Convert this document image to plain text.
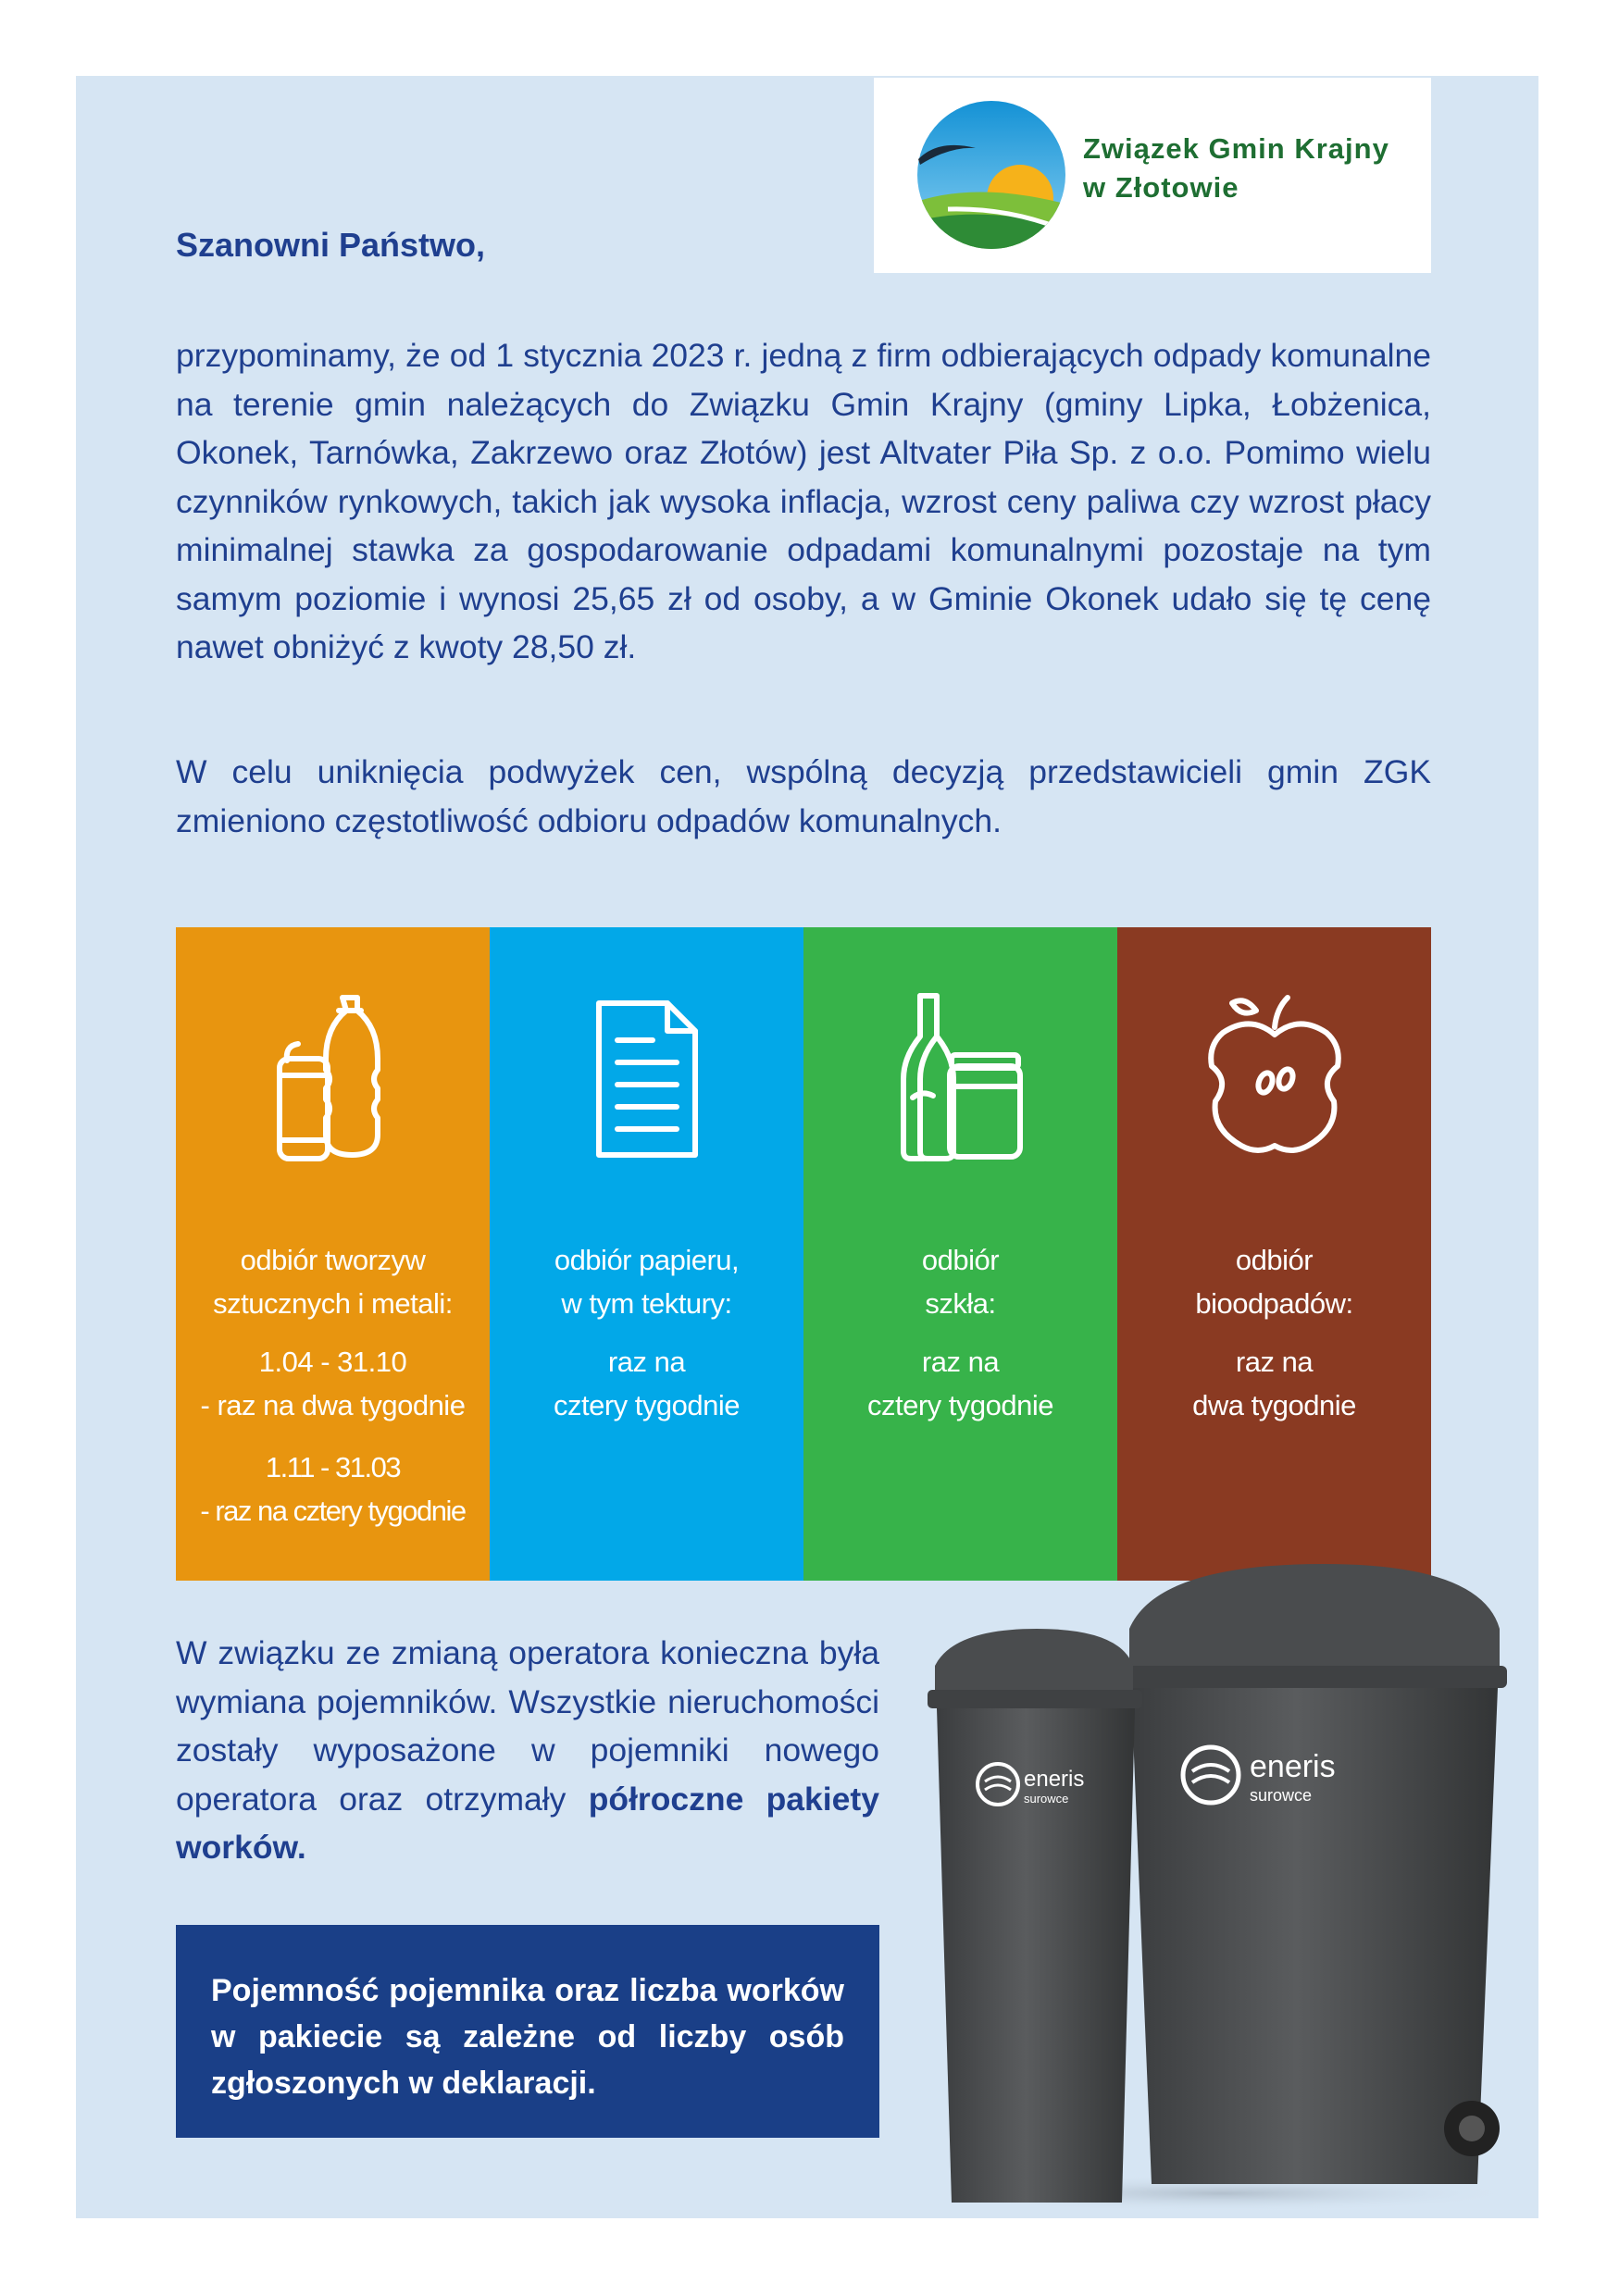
Związek Gmin Krajny
w Złotowie
Szanowni Państwo,

przypominamy, że od 1 stycznia 2023 r. jedną z firm odbierających odpady komunalne na terenie gmin należących do Związku Gmin Krajny (gminy Lipka, Łobżenica, Okonek, Tarnówka, Zakrzewo oraz Złotów) jest Altvater Piła Sp. z o.o. Pomimo wielu czynników rynkowych, takich jak wysoka inflacja, wzrost ceny paliwa czy wzrost płacy minimalnej stawka za gospodarowanie odpadami komunalnymi pozostaje na tym samym poziomie i wynosi 25,65 zł od osoby, a w Gminie Okonek udało się tę cenę nawet obniżyć z kwoty 28,50 zł.

W celu uniknięcia podwyżek cen, wspólną decyzją przedstawicieli gmin ZGK zmieniono częstotliwość odbioru odpadów komunalnych.

odbiór tworzyw
sztucznych i metali:
1.04 - 31.10
- raz na dwa tygodnie
1.11 - 31.03
- raz na cztery tygodnie
odbiór papieru,
w tym tektury:
raz na
cztery tygodnie
odbiór
szkła:
raz na
cztery tygodnie
odbiór
bioodpadów:
raz na
dwa tygodnie

W związku ze zmianą operatora konieczna była wymiana pojemników. Wszystkie nieruchomości zostały wyposażone w pojemniki nowego operatora oraz otrzymały półroczne pakiety worków.

Pojemność pojemnika oraz liczba worków w pakiecie są zależne od liczby osób zgłoszonych w deklaracji.

eneris
surowce
eneris
surowce
